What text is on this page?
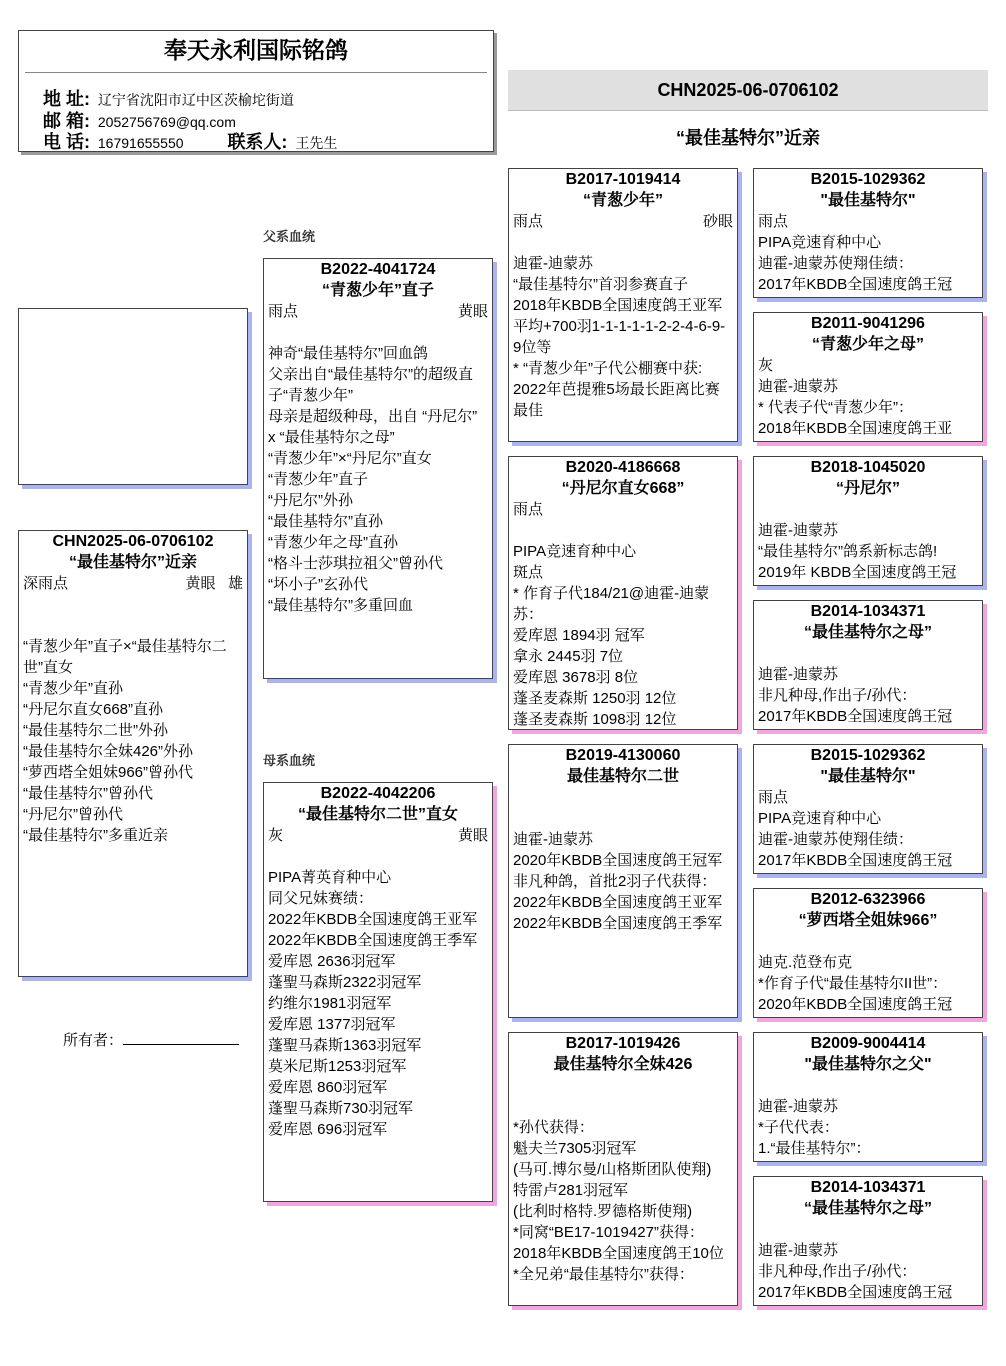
奉天永利国际铭鸽
地 址: 辽宁省沈阳市辽中区茨榆坨街道
邮 箱: 2052756769@qq.com
电 话: 16791655550 联系人: 王先生
CHN2025-06-0706102
“最佳基特尔”近亲
CHN2025-06-0706102
“最佳基特尔”近亲
深雨点	黄眼 雄

“青葱少年”直子×“最佳基特尔二世”直女
“青葱少年”直孙
“丹尼尔直女668”直孙
“最佳基特尔二世”外孙
“最佳基特尔全妹426”外孙
“萝西塔全姐妹966”曾孙代
“最佳基特尔”曾孙代
“丹尼尔”曾孙代
“最佳基特尔”多重近亲
所有者：
父系血统
母系血统
B2022-4041724
“青葱少年”直子
雨点	黄眼

神奇“最佳基特尔”回血鸽
父亲出自“最佳基特尔”的超级直子“青葱少年”
母亲是超级种母，出自 “丹尼尔” x “最佳基特尔之母”
“青葱少年”×“丹尼尔”直女
“青葱少年”直子
“丹尼尔”外孙
“最佳基特尔”直孙
“青葱少年之母”直孙
“格斗士莎琪拉祖父”曾孙代
“坏小子”玄孙代
“最佳基特尔”多重回血
B2022-4042206
“最佳基特尔二世”直女
灰	黄眼

PIPA菁英育种中心
同父兄妹赛绩：
2022年KBDB全国速度鸽王亚军
2022年KBDB全国速度鸽王季军
爱库恩 2636羽冠军
蓬聖马森斯2322羽冠军
约维尔1981羽冠军
爱库恩 1377羽冠军
蓬聖马森斯1363羽冠军
莫米尼斯1253羽冠军
爱库恩 860羽冠军
蓬聖马森斯730羽冠军
爱库恩 696羽冠军
B2017-1019414
“青葱少年”
雨点	砂眼

迪霍-迪蒙苏
“最佳基特尔”首羽参赛直子
2018年KBDB全国速度鸽王亚军
平均+700羽1-1-1-1-1-2-2-4-6-9-9位等
* “青葱少年”子代公棚赛中获:
2022年芭提雅5场最长距离比赛最佳
B2020-4186668
“丹尼尔直女668”
雨点

PIPA竞速育种中心
斑点
* 作育子代184/21@迪霍-迪蒙苏：
爱库恩 1894羽 冠军
拿永 2445羽 7位
爱库恩 3678羽 8位
蓬圣麦森斯 1250羽 12位
蓬圣麦森斯 1098羽 12位
B2019-4130060
最佳基特尔二世

迪霍-迪蒙苏
2020年KBDB全国速度鸽王冠军
非凡种鸽，首批2羽子代获得：
2022年KBDB全国速度鸽王亚军
2022年KBDB全国速度鸽王季军
B2017-1019426
最佳基特尔全妹426

*孙代获得：
魁夫兰7305羽冠军
(马可.博尔曼/山格斯团队使翔)
特雷卢281羽冠军
(比利时格特.罗德格斯使翔)
*同窝“BE17-1019427”获得：
2018年KBDB全国速度鸽王10位
*全兄弟“最佳基特尔”获得：
B2015-1029362
"最佳基特尔"
雨点
PIPA竞速育种中心
迪霍-迪蒙苏使翔佳绩：
2017年KBDB全国速度鸽王冠
B2011-9041296
“青葱少年之母”
灰
迪霍-迪蒙苏
* 代表子代“青葱少年”：
2018年KBDB全国速度鸽王亚
B2018-1045020
“丹尼尔”

迪霍-迪蒙苏
“最佳基特尔”鸽系新标志鸽!
2019年 KBDB全国速度鸽王冠
B2014-1034371
“最佳基特尔之母”

迪霍-迪蒙苏
非凡种母,作出子/孙代：
2017年KBDB全国速度鸽王冠
B2015-1029362
"最佳基特尔"
雨点
PIPA竞速育种中心
迪霍-迪蒙苏使翔佳绩：
2017年KBDB全国速度鸽王冠
B2012-6323966
“萝西塔全姐妹966”

迪克.范登布克
*作育子代“最佳基特尔II世”：
2020年KBDB全国速度鸽王冠
B2009-9004414
"最佳基特尔之父"

迪霍-迪蒙苏
*子代代表：
1.“最佳基特尔”：
B2014-1034371
“最佳基特尔之母”

迪霍-迪蒙苏
非凡种母,作出子/孙代：
2017年KBDB全国速度鸽王冠
